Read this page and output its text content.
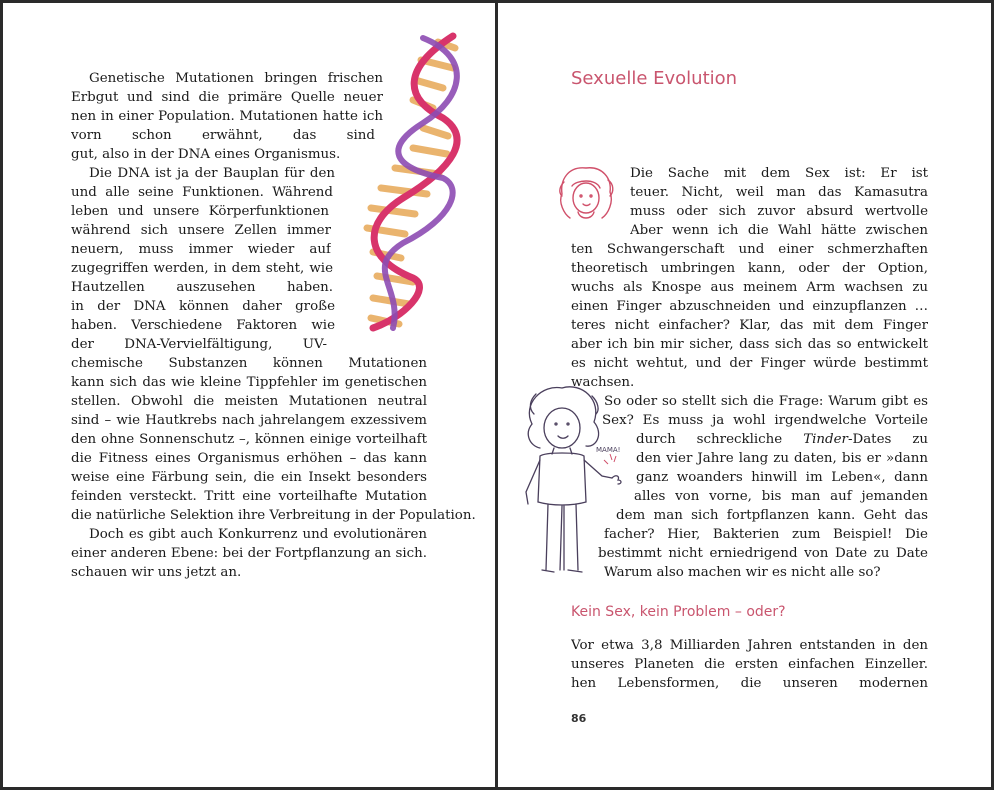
Genetische Mutationen bringen frischen
Erbgut und sind die primäre Quelle neuer
nen in einer Population. Mutationen hatte ich
vorn schon erwähnt, das sind
gut, also in der DNA eines Organismus.
Die DNA ist ja der Bauplan für den
und alle seine Funktionen. Während
leben und unsere Körperfunktionen
während sich unsere Zellen immer
neuern, muss immer wieder auf
zugegriffen werden, in dem steht, wie
Hautzellen auszusehen haben.
in der DNA können daher große
haben. Verschiedene Faktoren wie
der DNA-Vervielfältigung, UV-
chemische Substanzen können Mutationen
kann sich das wie kleine Tippfehler im genetischen
stellen. Obwohl die meisten Mutationen neutral
sind – wie Hautkrebs nach jahrelangem exzessivem
den ohne Sonnenschutz –, können einige vorteilhaft
die Fitness eines Organismus erhöhen – das kann
weise eine Färbung sein, die ein Insekt besonders
feinden versteckt. Tritt eine vorteilhafte Mutation
die natürliche Selektion ihre Verbreitung in der Population.
Doch es gibt auch Konkurrenz und evolutionären
einer anderen Ebene: bei der Fortpflanzung an sich.
schauen wir uns jetzt an.
Sexuelle Evolution
MAMA!
Die Sache mit dem Sex ist: Er ist
teuer. Nicht, weil man das Kamasutra
muss oder sich zuvor absurd wertvolle
Aber wenn ich die Wahl hätte zwischen
ten Schwangerschaft und einer schmerzhaften
theoretisch umbringen kann, oder der Option,
wuchs als Knospe aus meinem Arm wachsen zu
einen Finger abzuschneiden und einzupflanzen …
teres nicht einfacher? Klar, das mit dem Finger
aber ich bin mir sicher, dass sich das so entwickelt
es nicht wehtut, und der Finger würde bestimmt
wachsen.
So oder so stellt sich die Frage: Warum gibt es
Sex? Es muss ja wohl irgendwelche Vorteile
durch schreckliche Tinder-Dates zu
den vier Jahre lang zu daten, bis er »dann
ganz woanders hinwill im Leben«, dann
alles von vorne, bis man auf jemanden
dem man sich fortpflanzen kann. Geht das
facher? Hier, Bakterien zum Beispiel! Die
bestimmt nicht erniedrigend von Date zu Date
Warum also machen wir es nicht alle so?
Kein Sex, kein Problem – oder?
Vor etwa 3,8 Milliarden Jahren entstanden in den
unseres Planeten die ersten einfachen Einzeller.
hen Lebensformen, die unseren modernen
86
